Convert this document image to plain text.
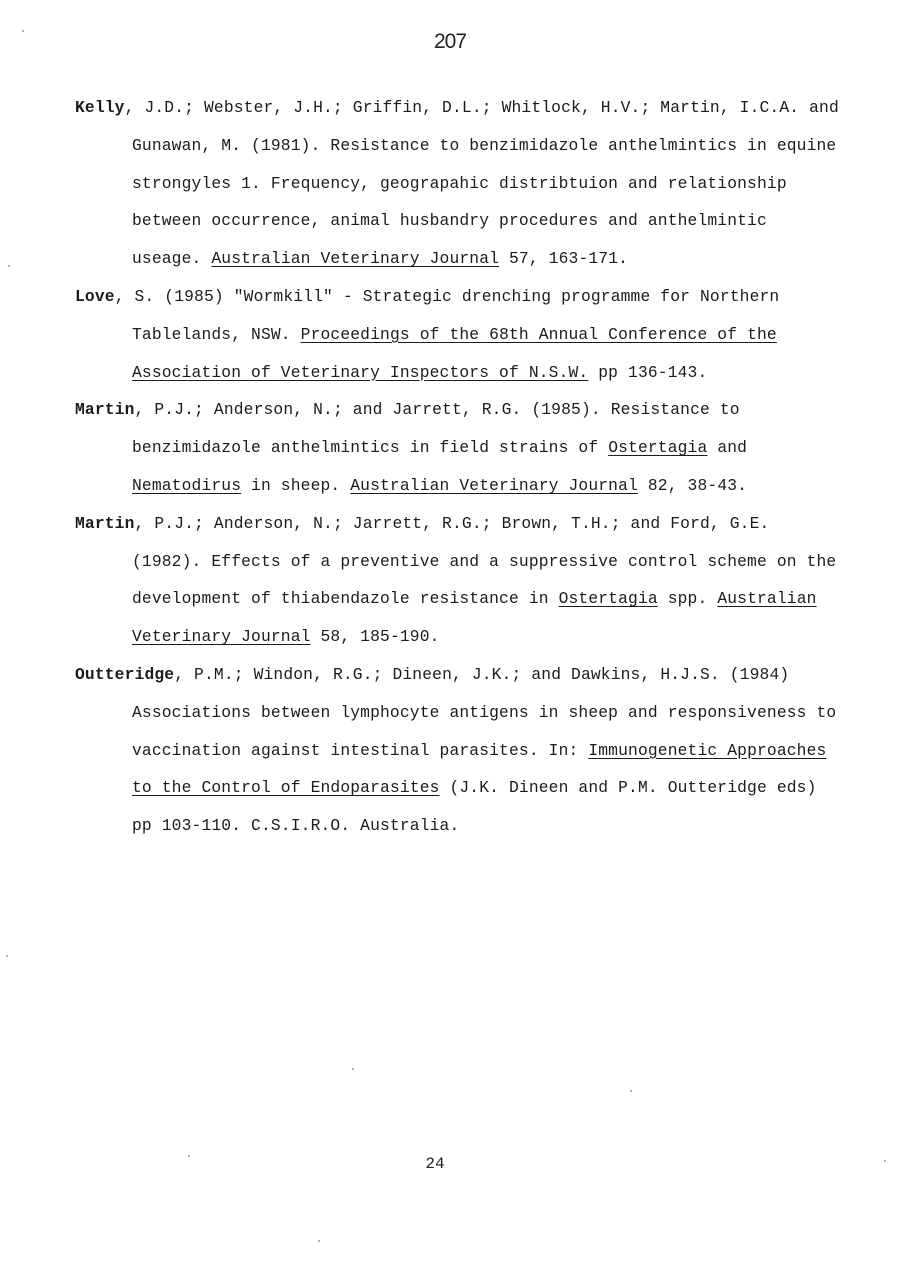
207
Kelly, J.D.; Webster, J.H.; Griffin, D.L.; Whitlock, H.V.; Martin, I.C.A. and Gunawan, M. (1981). Resistance to benzimidazole anthelmintics in equine strongyles 1. Frequency, geograpahic distribtuion and relationship between occurrence, animal husbandry procedures and anthelmintic useage. Australian Veterinary Journal 57, 163-171.
Love, S. (1985) "Wormkill" - Strategic drenching programme for Northern Tablelands, NSW. Proceedings of the 68th Annual Conference of the Association of Veterinary Inspectors of N.S.W. pp 136-143.
Martin, P.J.; Anderson, N.; and Jarrett, R.G. (1985). Resistance to benzimidazole anthelmintics in field strains of Ostertagia and Nematodirus in sheep. Australian Veterinary Journal 82, 38-43.
Martin, P.J.; Anderson, N.; Jarrett, R.G.; Brown, T.H.; and Ford, G.E. (1982). Effects of a preventive and a suppressive control scheme on the development of thiabendazole resistance in Ostertagia spp. Australian Veterinary Journal 58, 185-190.
Outteridge, P.M.; Windon, R.G.; Dineen, J.K.; and Dawkins, H.J.S. (1984) Associations between lymphocyte antigens in sheep and responsiveness to vaccination against intestinal parasites. In: Immunogenetic Approaches to the Control of Endoparasites (J.K. Dineen and P.M. Outteridge eds) pp 103-110. C.S.I.R.O. Australia.
24
